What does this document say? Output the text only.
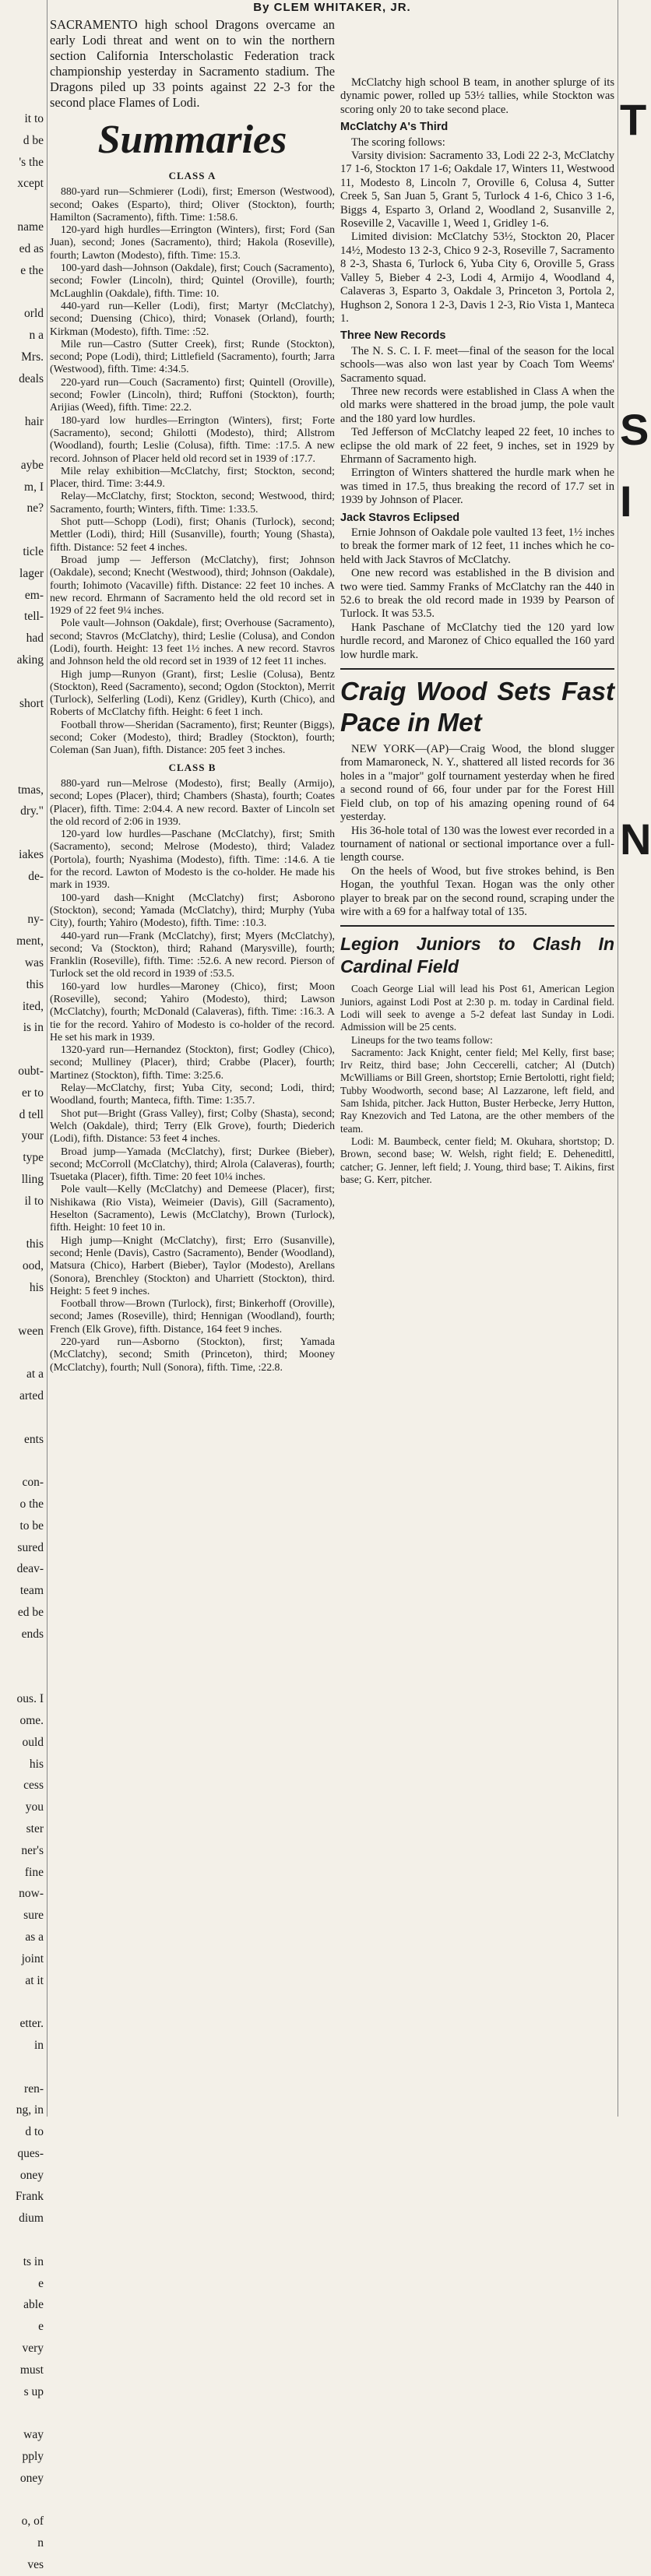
it to
d be
's the
xcept

name
ed as
e the

orld
n a
Mrs.
deals

hair

aybe
m, I
ne?

ticle
lager
em-
tell-
had
aking

short

tmas,
dry."

iakes
de-

ny-
ment,
was
this
ited,
is in

oubt-
er to
d tell
your
type
lling
il to

this
ood,
his

ween

at a
arted

ents

con-
o the
to be
sured
deav-
team
ed be
ends

ous. I
ome.
ould
his
cess
you
ster
ner's
fine
now-
sure
as a
joint
at it

etter.
in

ren-
ng, in
d to
ques-
oney
Frank
dium

ts in
e
able
e
very
must
s up

way
pply
oney

o, of
n
ves

T

S

I

N

By CLEM WHITAKER, JR.

SACRAMENTO high school Dragons overcame an early Lodi threat and went on to win the northern section California Interscholastic Federation track championship yesterday in Sacramento stadium. The Dragons piled up 33 points against 22 2-3 for the second place Flames of Lodi.

Summaries
CLASS A

880-yard run—Schmierer (Lodi), first; Emerson (Westwood), second; Oakes (Esparto), third; Oliver (Stockton), fourth; Hamilton (Sacramento), fifth. Time: 1:58.6.

120-yard high hurdles—Errington (Winters), first; Ford (San Juan), second; Jones (Sacramento), third; Hakola (Roseville), fourth; Lawton (Modesto), fifth. Time: 15.3.

100-yard dash—Johnson (Oakdale), first; Couch (Sacramento), second; Fowler (Lincoln), third; Quintel (Oroville), fourth; McLaughlin (Oakdale), fifth. Time: 10.

440-yard run—Keller (Lodi), first; Martyr (McClatchy), second; Duensing (Chico), third; Vonasek (Orland), fourth; Kirkman (Modesto), fifth. Time: :52.

Mile run—Castro (Sutter Creek), first; Runde (Stockton), second; Pope (Lodi), third; Littlefield (Sacramento), fourth; Jarra (Westwood), fifth. Time: 4:34.5.

220-yard run—Couch (Sacramento) first; Quintell (Oroville), second; Fowler (Lincoln), third; Ruffoni (Stockton), fourth; Arijias (Weed), fifth. Time: 22.2.

180-yard low hurdles—Errington (Winters), first; Forte (Sacramento), second; Ghilotti (Modesto), third; Allstrom (Woodland), fourth; Leslie (Colusa), fifth. Time: :17.5. A new record. Johnson of Placer held old record set in 1939 of :17.7.

Mile relay exhibition—McClatchy, first; Stockton, second; Placer, third. Time: 3:44.9.

Relay—McClatchy, first; Stockton, second; Westwood, third; Sacramento, fourth; Winters, fifth. Time: 1:33.5.

Shot putt—Schopp (Lodi), first; Ohanis (Turlock), second; Mettler (Lodi), third; Hill (Susanville), fourth; Young (Shasta), fifth. Distance: 52 feet 4 inches.

Broad jump — Jefferson (McClatchy), first; Johnson (Oakdale), second; Knecht (Westwood), third; Johnson (Oakdale), fourth; Iohimoto (Vacaville) fifth. Distance: 22 feet 10 inches. A new record. Ehrmann of Sacramento held the old record set in 1929 of 22 feet 9¼ inches.

Pole vault—Johnson (Oakdale), first; Overhouse (Sacramento), second; Stavros (McClatchy), third; Leslie (Colusa), and Condon (Lodi), fourth. Height: 13 feet 1½ inches. A new record. Stavros and Johnson held the old record set in 1939 of 12 feet 11 inches.

High jump—Runyon (Grant), first; Leslie (Colusa), Bentz (Stockton), Reed (Sacramento), second; Ogdon (Stockton), Merrit (Turlock), Selferling (Lodi), Kenz (Gridley), Kurth (Chico), and Roberts of McClatchy fifth. Height: 6 feet 1 inch.

Football throw—Sheridan (Sacramento), first; Reunter (Biggs), second; Coker (Modesto), third; Bradley (Stockton), fourth; Coleman (San Juan), fifth. Distance: 205 feet 3 inches.

CLASS B

880-yard run—Melrose (Modesto), first; Beally (Armijo), second; Lopes (Placer), third; Chambers (Shasta), fourth; Coates (Placer), fifth. Time: 2:04.4. A new record. Baxter of Lincoln set the old record of 2:06 in 1939.

120-yard low hurdles—Paschane (McClatchy), first; Smith (Sacramento), second; Melrose (Modesto), third; Valadez (Portola), fourth; Nyashima (Modesto), fifth. Time: :14.6. A tie for the record. Lawton of Modesto is the co-holder. He made his mark in 1939.

100-yard dash—Knight (McClatchy) first; Asborono (Stockton), second; Yamada (McClatchy), third; Murphy (Yuba City), fourth; Yahiro (Modesto), fifth. Time: :10.3.

440-yard run—Frank (McClatchy), first; Myers (McClatchy), second; Va (Stockton), third; Rahand (Marysville), fourth; Franklin (Roseville), fifth. Time: :52.6. A new record. Pierson of Turlock set the old record in 1939 of :53.5.

160-yard low hurdles—Maroney (Chico), first; Moon (Roseville), second; Yahiro (Modesto), third; Lawson (McClatchy), fourth; McDonald (Calaveras), fifth. Time: :16.3. A tie for the record. Yahiro of Modesto is co-holder of the record. He set his mark in 1939.

1320-yard run—Hernandez (Stockton), first; Godley (Chico), second; Mulliney (Placer), third; Crabbe (Placer), fourth; Martinez (Stockton), fifth. Time: 3:25.6.

Relay—McClatchy, first; Yuba City, second; Lodi, third; Woodland, fourth; Manteca, fifth. Time: 1:35.7.

Shot put—Bright (Grass Valley), first; Colby (Shasta), second; Welch (Oakdale), third; Terry (Elk Grove), fourth; Diederich (Lodi), fifth. Distance: 53 feet 4 inches.

Broad jump—Yamada (McClatchy), first; Durkee (Bieber), second; McCorroll (McClatchy), third; Alrola (Calaveras), fourth; Tsuetaka (Placer), fifth. Time: 20 feet 10¼ inches.

Pole vault—Kelly (McClatchy) and Demeese (Placer), first; Nishikawa (Rio Vista), Weimeier (Davis), Gill (Sacramento), Heselton (Sacramento), Lewis (McClatchy), Brown (Turlock), fifth. Height: 10 feet 10 in.

High jump—Knight (McClatchy), first; Erro (Susanville), second; Henle (Davis), Castro (Sacramento), Bender (Woodland), Matsura (Chico), Harbert (Bieber), Taylor (Modesto), Arellans (Sonora), Brenchley (Stockton) and Uharriett (Stockton), third. Height: 5 feet 9 inches.

Football throw—Brown (Turlock), first; Binkerhoff (Oroville), second; James (Roseville), third; Hennigan (Woodland), fourth; French (Elk Grove), fifth. Distance, 164 feet 9 inches.

220-yard run—Asborno (Stockton), first; Yamada (McClatchy), second; Smith (Princeton), third; Mooney (McClatchy), fourth; Null (Sonora), fifth. Time, :22.8.

McClatchy high school B team, in another splurge of its dynamic power, rolled up 53½ tallies, while Stockton was scoring only 20 to take second place.

McClatchy A's Third

The scoring follows:

Varsity division: Sacramento 33, Lodi 22 2-3, McClatchy 17 1-6, Stockton 17 1-6; Oakdale 17, Winters 11, Westwood 11, Modesto 8, Lincoln 7, Oroville 6, Colusa 4, Sutter Creek 5, San Juan 5, Grant 5, Turlock 4 1-6, Chico 3 1-6, Biggs 4, Esparto 3, Orland 2, Woodland 2, Susanville 2, Roseville 2, Vacaville 1, Weed 1, Gridley 1-6.

Limited division: McClatchy 53½, Stockton 20, Placer 14½, Modesto 13 2-3, Chico 9 2-3, Roseville 7, Sacramento 8 2-3, Shasta 6, Turlock 6, Yuba City 6, Oroville 5, Grass Valley 5, Bieber 4 2-3, Lodi 4, Armijo 4, Woodland 4, Calaveras 3, Esparto 3, Oakdale 3, Princeton 3, Portola 2, Hughson 2, Sonora 1 2-3, Davis 1 2-3, Rio Vista 1, Manteca 1.

Three New Records

The N. S. C. I. F. meet—final of the season for the local schools—was also won last year by Coach Tom Weems' Sacramento squad.

Three new records were established in Class A when the old marks were shattered in the broad jump, the pole vault and the 180 yard low hurdles.

Ted Jefferson of McClatchy leaped 22 feet, 10 inches to eclipse the old mark of 22 feet, 9 inches, set in 1929 by Ehrmann of Sacramento high.

Errington of Winters shattered the hurdle mark when he was timed in 17.5, thus breaking the record of 17.7 set in 1939 by Johnson of Placer.

Jack Stavros Eclipsed

Ernie Johnson of Oakdale pole vaulted 13 feet, 1½ inches to break the former mark of 12 feet, 11 inches which he co-held with Jack Stavros of McClatchy.

One new record was established in the B division and two were tied. Sammy Franks of McClatchy ran the 440 in 52.6 to break the old record made in 1939 by Pearson of Turlock. It was 53.5.

Hank Paschane of McClatchy tied the 120 yard low hurdle record, and Maronez of Chico equalled the 160 yard low hurdle mark.

Craig Wood Sets Fast Pace in Met

NEW YORK—(AP)—Craig Wood, the blond slugger from Mamaroneck, N. Y., shattered all listed records for 36 holes in a "major" golf tournament yesterday when he fired a second round of 66, four under par for the Forest Hill Field club, on top of his amazing opening round of 64 yesterday.

His 36-hole total of 130 was the lowest ever recorded in a tournament of national or sectional importance over a full-length course.

On the heels of Wood, but five strokes behind, is Ben Hogan, the youthful Texan. Hogan was the only other player to break par on the second round, scraping under the wire with a 69 for a halfway total of 135.

Legion Juniors to Clash In Cardinal Field

Coach George Lial will lead his Post 61, American Legion Juniors, against Lodi Post at 2:30 p. m. today in Cardinal field. Lodi will seek to avenge a 5-2 defeat last Sunday in Lodi. Admission will be 25 cents.

Lineups for the two teams follow:

Sacramento: Jack Knight, center field; Mel Kelly, first base; Irv Reitz, third base; John Ceccerelli, catcher; Al (Dutch) McWilliams or Bill Green, shortstop; Ernie Bertolotti, right field; Tubby Woodworth, second base; Al Lazzarone, left field, and Sam Ishida, pitcher. Jack Hutton, Buster Herbecke, Jerry Hutton, Ray Knezovich and Ted Latona, are the other members of the team.

Lodi: M. Baumbeck, center field; M. Okuhara, shortstop; D. Brown, second base; W. Welsh, right field; E. Dehenedittl, catcher; G. Jenner, left field; J. Young, third base; T. Aikins, first base; G. Kerr, pitcher.
